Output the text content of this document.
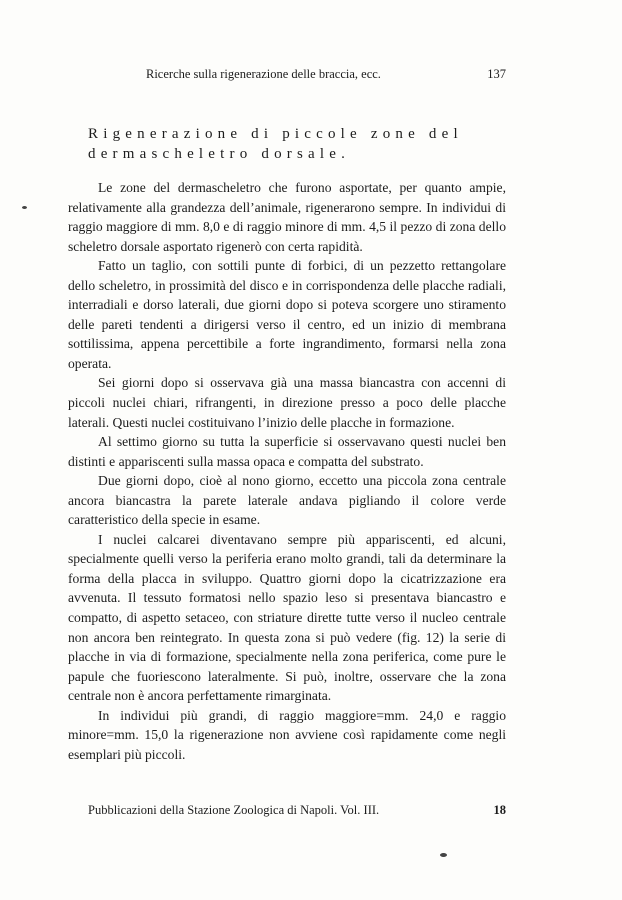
Ricerche sulla rigenerazione delle braccia, ecc.	137
Rigenerazione di piccole zone del dermascheletro dorsale.

Le zone del dermascheletro che furono asportate, per quanto ampie, relativamente alla grandezza dell’animale, rigenerarono sempre. In individui di raggio maggiore di mm. 8,0 e di raggio minore di mm. 4,5 il pezzo di zona dello scheletro dorsale asportato rigenerò con certa rapidità.

Fatto un taglio, con sottili punte di forbici, di un pezzetto rettangolare dello scheletro, in prossimità del disco e in corrispondenza delle placche radiali, interradiali e dorso laterali, due giorni dopo si poteva scorgere uno stiramento delle pareti tendenti a dirigersi verso il centro, ed un inizio di membrana sottilissima, appena percettibile a forte ingrandimento, formarsi nella zona operata.

Sei giorni dopo si osservava già una massa biancastra con accenni di piccoli nuclei chiari, rifrangenti, in direzione presso a poco delle placche laterali. Questi nuclei costituivano l’inizio delle placche in formazione.

Al settimo giorno su tutta la superficie si osservavano questi nuclei ben distinti e appariscenti sulla massa opaca e compatta del substrato.

Due giorni dopo, cioè al nono giorno, eccetto una piccola zona centrale ancora biancastra la parete laterale andava pigliando il colore verde caratteristico della specie in esame.

I nuclei calcarei diventavano sempre più appariscenti, ed alcuni, specialmente quelli verso la periferia erano molto grandi, tali da determinare la forma della placca in sviluppo. Quattro giorni dopo la cicatrizzazione era avvenuta. Il tessuto formatosi nello spazio leso si presentava biancastro e compatto, di aspetto setaceo, con striature dirette tutte verso il nucleo centrale non ancora ben reintegrato. In questa zona si può vedere (fig. 12) la serie di placche in via di formazione, specialmente nella zona periferica, come pure le papule che fuoriescono lateralmente. Si può, inoltre, osservare che la zona centrale non è ancora perfettamente rimarginata.

In individui più grandi, di raggio maggiore=mm. 24,0 e raggio minore=mm. 15,0 la rigenerazione non avviene così rapidamente come negli esemplari più piccoli.

Pubblicazioni della Stazione Zoologica di Napoli. Vol. III.	18
